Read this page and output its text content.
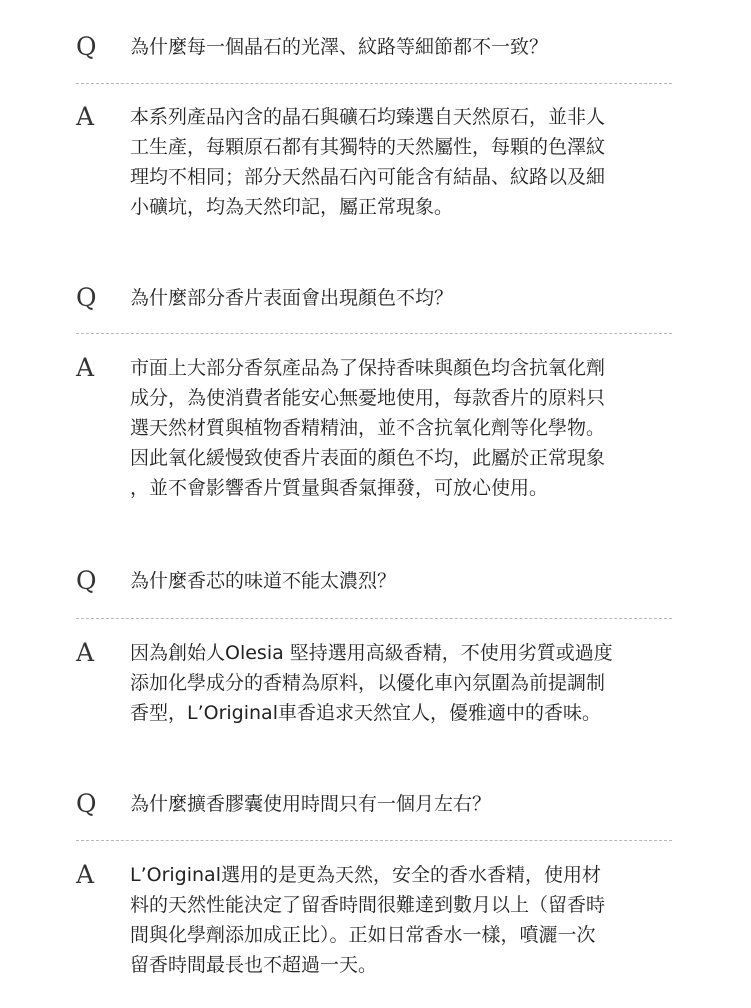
Q 為什麼每一個晶石的光澤、紋路等細節都不一致？
A 本系列產品內含的晶石與礦石均臻選自天然原石，並非人
工生產，每顆原石都有其獨特的天然屬性，每顆的色澤紋
理均不相同；部分天然晶石內可能含有結晶、紋路以及細
小礦坑，均為天然印記，屬正常現象。
Q 為什麼部分香片表面會出現顏色不均？
A 市面上大部分香氛產品為了保持香味與顏色均含抗氧化劑
成分，為使消費者能安心無憂地使用，每款香片的原料只
選天然材質與植物香精精油，並不含抗氧化劑等化學物。
因此氧化緩慢致使香片表面的顏色不均，此屬於正常現象
，並不會影響香片質量與香氣揮發，可放心使用。
Q 為什麼香芯的味道不能太濃烈？
A 因為創始人Olesia 堅持選用高級香精，不使用劣質或過度
添加化學成分的香精為原料，以優化車內氛圍為前提調制
香型，L’Original車香追求天然宜人，優雅適中的香味。
Q 為什麼擴香膠囊使用時間只有一個月左右？
A L’Original選用的是更為天然，安全的香水香精，使用材
料的天然性能決定了留香時間很難達到數月以上（留香時
間與化學劑添加成正比）。正如日常香水一樣，噴灑一次
留香時間最長也不超過一天。
